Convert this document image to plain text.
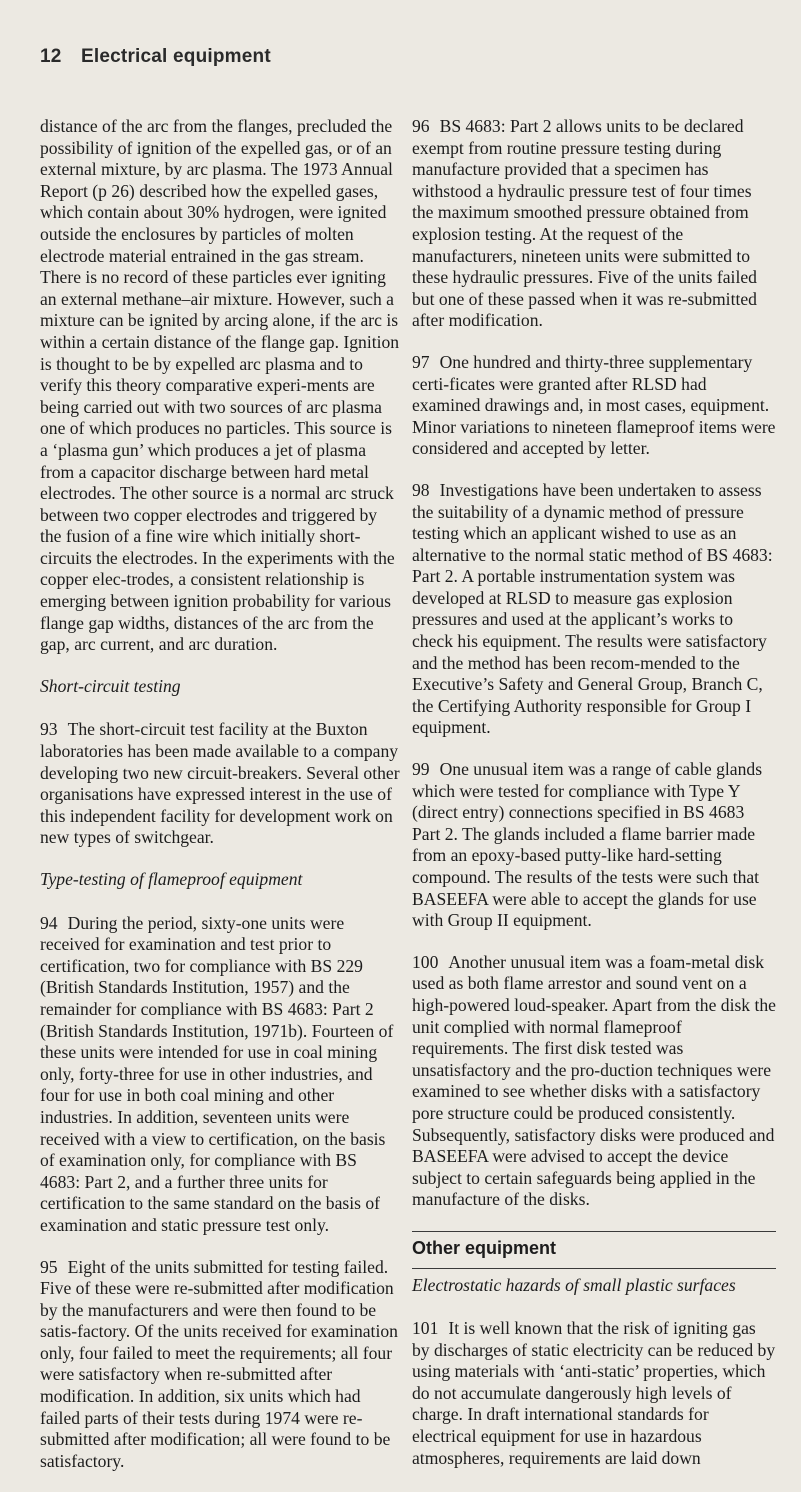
12 Electrical equipment

distance of the arc from the flanges, precluded the possibility of ignition of the expelled gas, or of an external mixture, by arc plasma. The 1973 Annual Report (p 26) described how the expelled gases, which contain about 30% hydrogen, were ignited outside the enclosures by particles of molten electrode material entrained in the gas stream. There is no record of these particles ever igniting an external methane–air mixture. However, such a mixture can be ignited by arcing alone, if the arc is within a certain distance of the flange gap. Ignition is thought to be by expelled arc plasma and to verify this theory comparative experi-ments are being carried out with two sources of arc plasma one of which produces no particles. This source is a ‘plasma gun’ which produces a jet of plasma from a capacitor discharge between hard metal electrodes. The other source is a normal arc struck between two copper electrodes and triggered by the fusion of a fine wire which initially short-circuits the electrodes. In the experiments with the copper elec-trodes, a consistent relationship is emerging between ignition probability for various flange gap widths, distances of the arc from the gap, arc current, and arc duration.

Short-circuit testing

93 The short-circuit test facility at the Buxton laboratories has been made available to a company developing two new circuit-breakers. Several other organisations have expressed interest in the use of this independent facility for development work on new types of switchgear.

Type-testing of flameproof equipment

94 During the period, sixty-one units were received for examination and test prior to certification, two for compliance with BS 229 (British Standards Institution, 1957) and the remainder for compliance with BS 4683: Part 2 (British Standards Institution, 1971b). Fourteen of these units were intended for use in coal mining only, forty-three for use in other industries, and four for use in both coal mining and other industries. In addition, seventeen units were received with a view to certification, on the basis of examination only, for compliance with BS 4683: Part 2, and a further three units for certification to the same standard on the basis of examination and static pressure test only.

95 Eight of the units submitted for testing failed. Five of these were re-submitted after modification by the manufacturers and were then found to be satis-factory. Of the units received for examination only, four failed to meet the requirements; all four were satisfactory when re-submitted after modification. In addition, six units which had failed parts of their tests during 1974 were re-submitted after modification; all were found to be satisfactory.

96 BS 4683: Part 2 allows units to be declared exempt from routine pressure testing during manufacture provided that a specimen has withstood a hydraulic pressure test of four times the maximum smoothed pressure obtained from explosion testing. At the request of the manufacturers, nineteen units were submitted to these hydraulic pressures. Five of the units failed but one of these passed when it was re-submitted after modification.

97 One hundred and thirty-three supplementary certi-ficates were granted after RLSD had examined drawings and, in most cases, equipment. Minor variations to nineteen flameproof items were considered and accepted by letter.

98 Investigations have been undertaken to assess the suitability of a dynamic method of pressure testing which an applicant wished to use as an alternative to the normal static method of BS 4683: Part 2. A portable instrumentation system was developed at RLSD to measure gas explosion pressures and used at the applicant’s works to check his equipment. The results were satisfactory and the method has been recom-mended to the Executive’s Safety and General Group, Branch C, the Certifying Authority responsible for Group I equipment.

99 One unusual item was a range of cable glands which were tested for compliance with Type Y (direct entry) connections specified in BS 4683 Part 2. The glands included a flame barrier made from an epoxy-based putty-like hard-setting compound. The results of the tests were such that BASEEFA were able to accept the glands for use with Group II equipment.

100 Another unusual item was a foam-metal disk used as both flame arrestor and sound vent on a high-powered loud-speaker. Apart from the disk the unit complied with normal flameproof requirements. The first disk tested was unsatisfactory and the pro-duction techniques were examined to see whether disks with a satisfactory pore structure could be produced consistently. Subsequently, satisfactory disks were produced and BASEEFA were advised to accept the device subject to certain safeguards being applied in the manufacture of the disks.

Other equipment
Electrostatic hazards of small plastic surfaces

101 It is well known that the risk of igniting gas by discharges of static electricity can be reduced by using materials with ‘anti-static’ properties, which do not accumulate dangerously high levels of charge. In draft international standards for electrical equipment for use in hazardous atmospheres, requirements are laid down
